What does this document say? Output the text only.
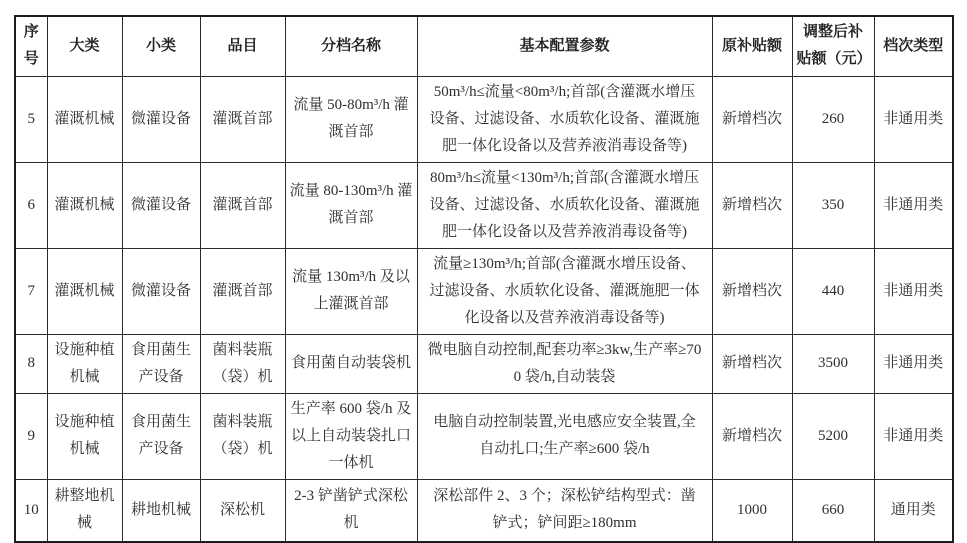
序号	大类	小类	品目	分档名称	基本配置参数	原补贴额	调整后补贴额（元）	档次类型
5	灌溉机械	微灌设备	灌溉首部	流量 50-80m³/h 灌溉首部	50m³/h≤流量<80m³/h;首部(含灌溉水增压设备、过滤设备、水质软化设备、灌溉施肥一体化设备以及营养液消毒设备等)	新增档次	260	非通用类
6	灌溉机械	微灌设备	灌溉首部	流量 80-130m³/h 灌溉首部	80m³/h≤流量<130m³/h;首部(含灌溉水增压设备、过滤设备、水质软化设备、灌溉施肥一体化设备以及营养液消毒设备等)	新增档次	350	非通用类
7	灌溉机械	微灌设备	灌溉首部	流量 130m³/h 及以上灌溉首部	流量≥130m³/h;首部(含灌溉水增压设备、过滤设备、水质软化设备、灌溉施肥一体化设备以及营养液消毒设备等)	新增档次	440	非通用类
8	设施种植机械	食用菌生产设备	菌料装瓶（袋）机	食用菌自动装袋机	微电脑自动控制,配套功率≥3kw,生产率≥700 袋/h,自动装袋	新增档次	3500	非通用类
9	设施种植机械	食用菌生产设备	菌料装瓶（袋）机	生产率 600 袋/h 及以上自动装袋扎口一体机	电脑自动控制装置,光电感应安全装置,全自动扎口;生产率≥600 袋/h	新增档次	5200	非通用类
10	耕整地机械	耕地机械	深松机	2-3 铲凿铲式深松机	深松部件 2、3 个；深松铲结构型式：凿铲式；铲间距≥180mm	1000	660	通用类
